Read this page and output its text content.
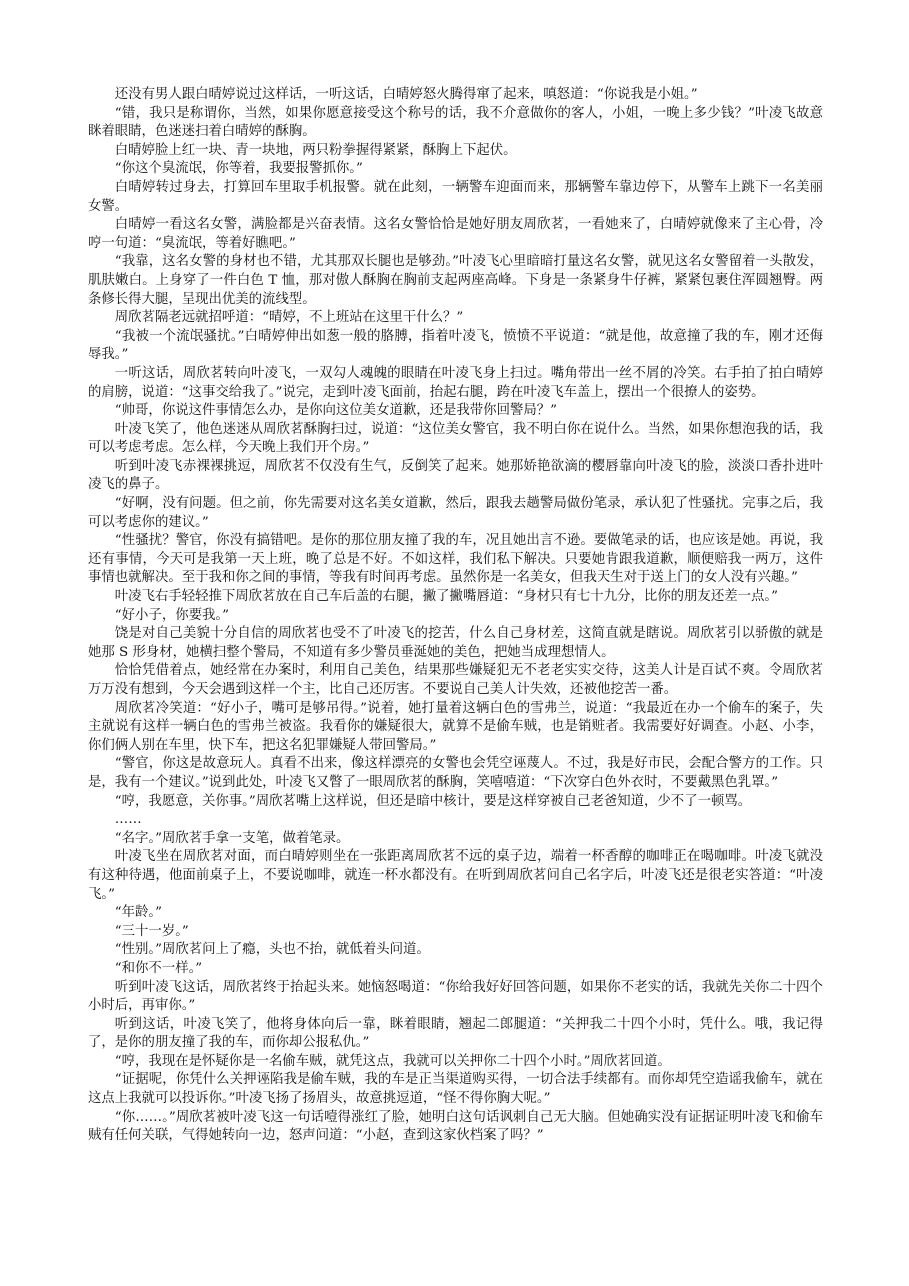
还没有男人跟白晴婷说过这样话，一听这话，白晴婷怒火腾得窜了起来，嗔怒道：“你说我是小姐。”

“错，我只是称谓你，当然，如果你愿意接受这个称号的话，我不介意做你的客人，小姐，一晚上多少钱？”叶凌飞故意眯着眼睛，色迷迷扫着白晴婷的酥胸。

白晴婷脸上红一块、青一块地，两只粉拳握得紧紧，酥胸上下起伏。

“你这个臭流氓，你等着，我要报警抓你。”

白晴婷转过身去，打算回车里取手机报警。就在此刻，一辆警车迎面而来，那辆警车靠边停下，从警车上跳下一名美丽女警。

白晴婷一看这名女警，满脸都是兴奋表情。这名女警恰恰是她好朋友周欣茗，一看她来了，白晴婷就像来了主心骨，冷哼一句道：“臭流氓，等着好瞧吧。”

“我靠，这名女警的身材也不错，尤其那双长腿也是够劲。”叶凌飞心里暗暗打量这名女警，就见这名女警留着一头散发，肌肤嫩白。上身穿了一件白色 T 恤，那对傲人酥胸在胸前支起两座高峰。下身是一条紧身牛仔裤，紧紧包裹住浑圆翘臀。两条修长得大腿，呈现出优美的流线型。

周欣茗隔老远就招呼道：“晴婷，不上班站在这里干什么？”

“我被一个流氓骚扰。”白晴婷伸出如葱一般的胳膊，指着叶凌飞，愤愤不平说道：“就是他，故意撞了我的车，刚才还侮辱我。”

一听这话，周欣茗转向叶凌飞，一双勾人魂魄的眼睛在叶凌飞身上扫过。嘴角带出一丝不屑的冷笑。右手拍了拍白晴婷的肩膀，说道：“这事交给我了。”说完，走到叶凌飞面前，抬起右腿，跨在叶凌飞车盖上，摆出一个很撩人的姿势。

“帅哥，你说这件事情怎么办，是你向这位美女道歉，还是我带你回警局？”

叶凌飞笑了，他色迷迷从周欣茗酥胸扫过，说道：“这位美女警官，我不明白你在说什么。当然，如果你想泡我的话，我可以考虑考虑。怎么样，今天晚上我们开个房。”

听到叶凌飞赤裸裸挑逗，周欣茗不仅没有生气，反倒笑了起来。她那娇艳欲滴的樱唇靠向叶凌飞的脸，淡淡口香扑进叶凌飞的鼻子。

“好啊，没有问题。但之前，你先需要对这名美女道歉，然后，跟我去趟警局做份笔录，承认犯了性骚扰。完事之后，我可以考虑你的建议。”

“性骚扰？警官，你没有搞错吧。是你的那位朋友撞了我的车，况且她出言不逊。要做笔录的话，也应该是她。再说，我还有事情，今天可是我第一天上班，晚了总是不好。不如这样，我们私下解决。只要她肯跟我道歉，顺便赔我一两万，这件事情也就解决。至于我和你之间的事情，等我有时间再考虑。虽然你是一名美女，但我天生对于送上门的女人没有兴趣。”

叶凌飞右手轻轻推下周欣茗放在自己车后盖的右腿，撇了撇嘴唇道：“身材只有七十九分，比你的朋友还差一点。”

“好小子，你要我。”

饶是对自己美貌十分自信的周欣茗也受不了叶凌飞的挖苦，什么自己身材差，这简直就是瞎说。周欣茗引以骄傲的就是她那 S 形身材，她横扫整个警局，不知道有多少警员垂涎她的美色，把她当成理想情人。

恰恰凭借着点，她经常在办案时，利用自己美色，结果那些嫌疑犯无不老老实实交待，这美人计是百试不爽。令周欣茗万万没有想到，今天会遇到这样一个主，比自己还厉害。不要说自己美人计失效，还被他挖苦一番。

周欣茗冷笑道：“好小子，嘴可是够吊得。”说着，她打量着这辆白色的雪弗兰，说道：“我最近在办一个偷车的案子，失主就说有这样一辆白色的雪弗兰被盗。我看你的嫌疑很大，就算不是偷车贼，也是销赃者。我需要好好调查。小赵、小李，你们俩人别在车里，快下车，把这名犯罪嫌疑人带回警局。”

“警官，你这是故意玩人。真看不出来，像这样漂亮的女警也会凭空诬蔑人。不过，我是好市民，会配合警方的工作。只是，我有一个建议。”说到此处，叶凌飞又瞥了一眼周欣茗的酥胸，笑嘻嘻道：“下次穿白色外衣时，不要戴黑色乳罩。”

“哼，我愿意，关你事。”周欣茗嘴上这样说，但还是暗中核计，要是这样穿被自己老爸知道，少不了一顿骂。

……

“名字。”周欣茗手拿一支笔，做着笔录。

叶凌飞坐在周欣茗对面，而白晴婷则坐在一张距离周欣茗不远的桌子边，端着一杯香醇的咖啡正在喝咖啡。叶凌飞就没有这种待遇，他面前桌子上，不要说咖啡，就连一杯水都没有。在听到周欣茗问自己名字后，叶凌飞还是很老实答道：“叶凌飞。”

“年龄。”

“三十一岁。”

“性别。”周欣茗问上了瘾，头也不抬，就低着头问道。

“和你不一样。”

听到叶凌飞这话，周欣茗终于抬起头来。她恼怒喝道：“你给我好好回答问题，如果你不老实的话，我就先关你二十四个小时后，再审你。”

听到这话，叶凌飞笑了，他将身体向后一靠，眯着眼睛，翘起二郎腿道：“关押我二十四个小时，凭什么。哦，我记得了，是你的朋友撞了我的车，而你却公报私仇。”

“哼，我现在是怀疑你是一名偷车贼，就凭这点，我就可以关押你二十四个小时。”周欣茗回道。

“证据呢，你凭什么关押诬陷我是偷车贼，我的车是正当渠道购买得，一切合法手续都有。而你却凭空造谣我偷车，就在这点上我就可以投诉你。”叶凌飞扬了扬眉头，故意挑逗道，“怪不得你胸大呢。”

“你……。”周欣茗被叶凌飞这一句话噎得涨红了脸，她明白这句话讽刺自己无大脑。但她确实没有证据证明叶凌飞和偷车贼有任何关联，气得她转向一边，怒声问道：“小赵，查到这家伙档案了吗？”
